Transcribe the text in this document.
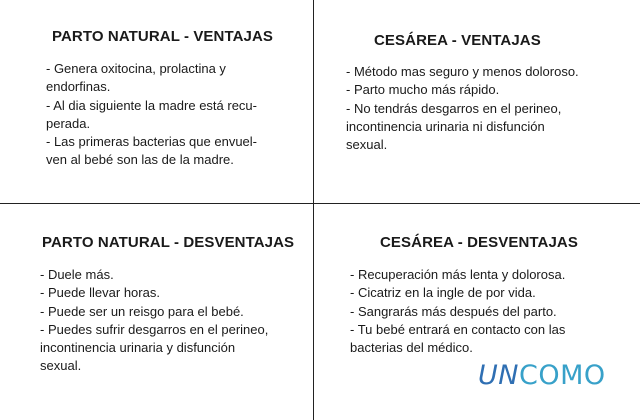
PARTO NATURAL - VENTAJAS
- Genera oxitocina, prolactina y
endorfinas.
- Al dia siguiente la madre está recu-
perada.
- Las primeras bacterias que envuel-
ven al bebé son las de la madre.
CESÁREA - VENTAJAS
- Método mas seguro y menos doloroso.
- Parto mucho más rápido.
- No tendrás desgarros en el perineo,
incontinencia urinaria ni disfunción
sexual.
PARTO NATURAL - DESVENTAJAS
- Duele más.
- Puede llevar horas.
- Puede ser un reisgo para el bebé.
- Puedes sufrir desgarros en el perineo,
incontinencia urinaria y disfunción
sexual.
CESÁREA - DESVENTAJAS
- Recuperación más lenta y dolorosa.
- Cicatriz en la ingle de por vida.
- Sangrarás más después del parto.
- Tu bebé entrará en contacto con las
bacterias del médico.
UNCOMO
